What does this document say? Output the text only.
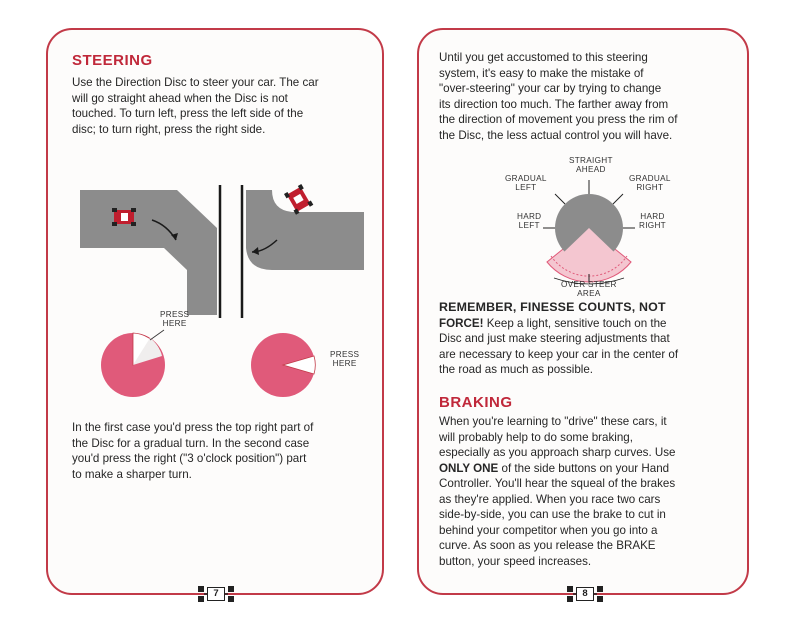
STEERING
Use the Direction Disc to steer your car. The car
will go straight ahead when the Disc is not
touched. To turn left, press the left side of the
disc; to turn right, press the right side.
PRESS
HERE
PRESS
HERE
In the first case you'd press the top right part of
the Disc for a gradual turn. In the second case
you'd press the right ("3 o'clock position") part
to make a sharper turn.
7
Until you get accustomed to this steering
system, it's easy to make the mistake of
"over-steering" your car by trying to change
its direction too much. The farther away from
the direction of movement you press the rim of
the Disc, the less actual control you will have.
STRAIGHT
AHEAD
GRADUAL
LEFT
GRADUAL
RIGHT
HARD
LEFT
HARD
RIGHT
OVER STEER
AREA
REMEMBER, FINESSE COUNTS, NOT
FORCE! Keep a light, sensitive touch on the
Disc and just make steering adjustments that
are necessary to keep your car in the center of
the road as much as possible.
BRAKING
When you're learning to "drive" these cars, it
will probably help to do some braking,
especially as you approach sharp curves. Use
ONLY ONE of the side buttons on your Hand
Controller. You'll hear the squeal of the brakes
as they're applied. When you race two cars
side-by-side, you can use the brake to cut in
behind your competitor when you go into a
curve. As soon as you release the BRAKE
button, your speed increases.
8
